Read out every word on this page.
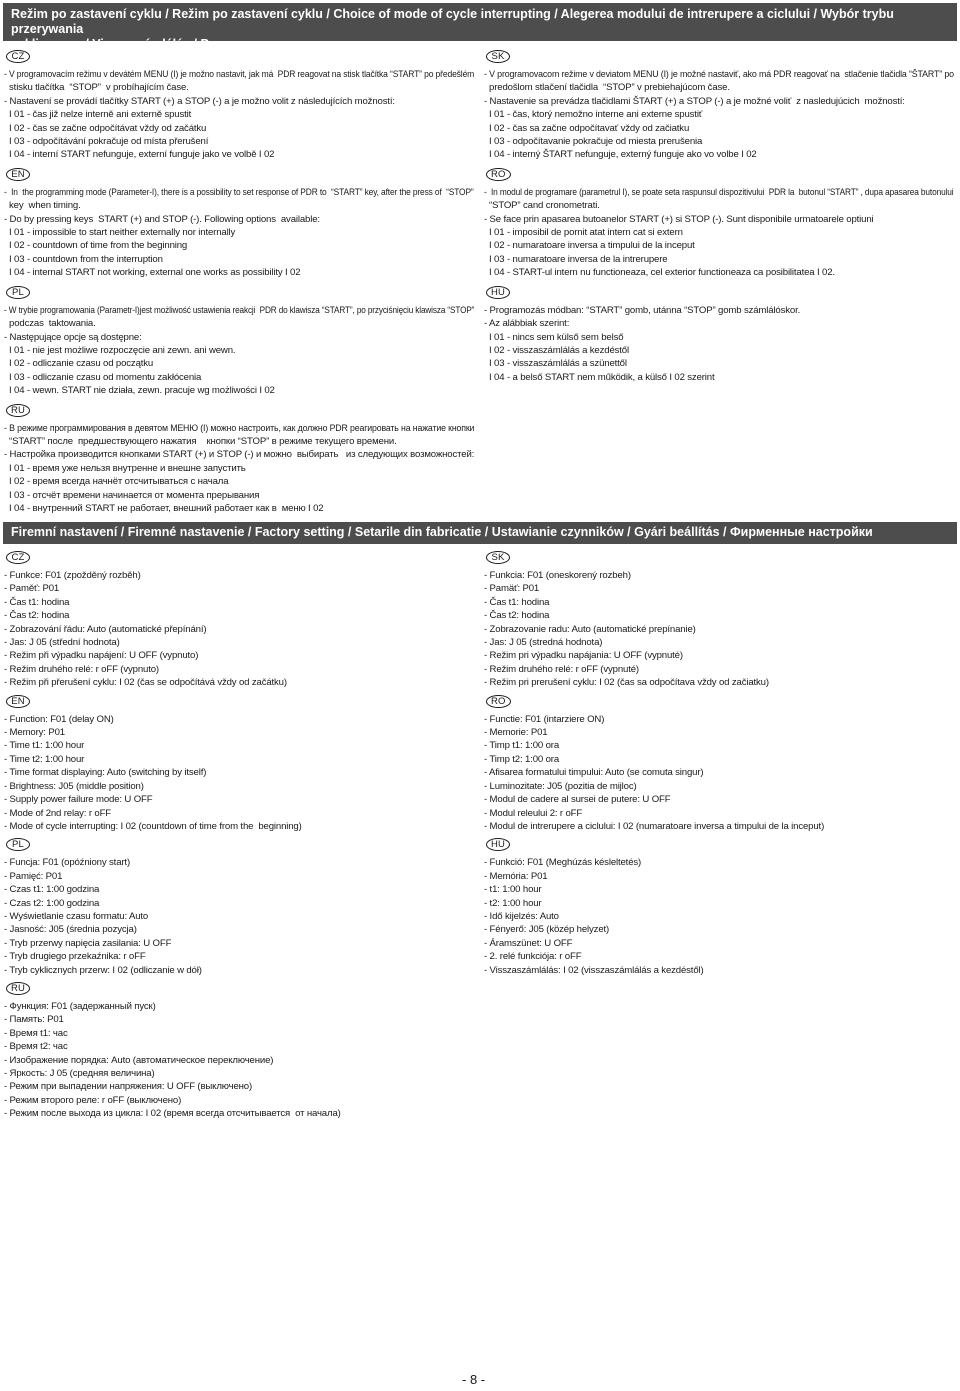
Režim po zastavení cyklu / Režim po zastavení cyklu / Choice of mode of cycle interrupting / Alegerea modului de intrerupere a ciclului / Wybór trybu przerywania
cyklicznego / Visszaszámlálás / Режим после выхода из цикла
CZ
- V programovacím režimu v devátém MENU (I) je možno nastavit, jak má  PDR reagovat na stisk tlačítka “START” po předešlém
stisku tlačítka  “STOP”  v probíhajícím čase.
- Nastavení se provádí tlačítky START (+) a STOP (-) a je možno volit z následujících možností:
I 01 - čas již nelze interně ani externě spustit
I 02 - čas se začne odpočítávat vždy od začátku
I 03 - odpočítávání pokračuje od místa přerušení
I 04 - interní START nefunguje, externí funguje jako ve volbě I 02
EN
-  In  the programming mode (Parameter-I), there is a possibility to set response of PDR to  “START” key, after the press of  “STOP”
key  when timing.
- Do by pressing keys  START (+) and STOP (-). Following options  available:
I 01 - impossible to start neither externally nor internally
I 02 - countdown of time from the beginning
I 03 - countdown from the interruption
I 04 - internal START not working, external one works as possibility I 02
PL
- W trybie programowania (Parametr-I)jest możliwość ustawienia reakcji  PDR do klawisza “START”, po przyciśnięciu klawisza “STOP”
podczas  taktowania.
- Następujące opcje są dostępne:
I 01 - nie jest możliwe rozpoczęcie ani zewn. ani wewn.
I 02 - odliczanie czasu od początku
I 03 - odliczanie czasu od momentu zakłócenia
I 04 - wewn. START nie działa, zewn. pracuje wg możliwości I 02
RU
- В режиме программирования в девятом МЕНЮ (I) можно настроить, как должно PDR реагировать на нажатие кнопки
“START” после  предшествующего нажатия    кнопки “STOP” в режиме текущего времени.
- Настройка производится кнопками START (+) и STOP (-) и можно  выбирать   из следующих возможностей:
I 01 - время уже нельзя внутренне и внешне запустить
I 02 - время всегда начнёт отсчитываться с начала
I 03 - отсчёт времени начинается от момента прерывания
I 04 - внутренний START не работает, внешний работает как в  меню I 02
SK
- V programovacom režime v deviatom MENU (I) je možné nastaviť, ako má PDR reagovať na  stlačenie tlačidla “ŠTART” po
predošlom stlačení tlačidla  “STOP” v prebiehajúcom čase.
- Nastavenie sa prevádza tlačidlami ŠTART (+) a STOP (-) a je možné voliť  z nasledujúcich  možností:
I 01 - čas, ktorý nemožno interne ani externe spustiť
I 02 - čas sa začne odpočítavať vždy od začiatku
I 03 - odpočítavanie pokračuje od miesta prerušenia
I 04 - interný ŠTART nefunguje, externý funguje ako vo volbe I 02
RO
-  In modul de programare (parametrul I), se poate seta raspunsul dispozitivului  PDR la  butonul “START” , dupa apasarea butonului
“STOP” cand cronometrati.
- Se face prin apasarea butoanelor START (+) si STOP (-). Sunt disponibile urmatoarele optiuni
I 01 - imposibil de pornit atat intern cat si extern
I 02 - numaratoare inversa a timpului de la inceput
I 03 - numaratoare inversa de la intrerupere
I 04 - START-ul intern nu functioneaza, cel exterior functioneaza ca posibilitatea I 02.
HU
- Programozás módban: “START” gomb, utánna “STOP” gomb számlálóskor.
- Az alábbiak szerint:
I 01 - nincs sem külső sem belső
I 02 - visszaszámlálás a kezdéstől
I 03 - visszaszámlálás a szünettől
I 04 - a belső START nem működik, a külső I 02 szerint
Firemní nastavení / Firemné nastavenie / Factory setting / Setarile din fabricatie / Ustawianie czynników / Gyári beállítás / Фирменные настройки
CZ
- Funkce: F01 (zpožděný rozběh)
- Paměť: P01
- Čas t1: hodina
- Čas t2: hodina
- Zobrazování řádu: Auto (automatické přepínání)
- Jas: J 05 (střední hodnota)
- Režim při výpadku napájení: U OFF (vypnuto)
- Režim druhého relé: r oFF (vypnuto)
- Režim při přerušení cyklu: I 02 (čas se odpočítává vždy od začátku)
EN
- Function: F01 (delay ON)
- Memory: P01
- Time t1: 1:00 hour
- Time t2: 1:00 hour
- Time format displaying: Auto (switching by itself)
- Brightness: J05 (middle position)
- Supply power failure mode: U OFF
- Mode of 2nd relay: r oFF
- Mode of cycle interrupting: I 02 (countdown of time from the  beginning)
PL
- Funcja: F01 (opóźniony start)
- Pamięć: P01
- Czas t1: 1:00 godzina
- Czas t2: 1:00 godzina
- Wyświetlanie czasu formatu: Auto
- Jasność: J05 (średnia pozycja)
- Tryb przerwy napięcia zasilania: U OFF
- Tryb drugiego przekaźnika: r oFF
- Tryb cyklicznych przerw: I 02 (odliczanie w dół)
RU
- Функция: F01 (задержанный пуск)
- Память: P01
- Время t1: час
- Время t2: час
- Изображение порядка: Auto (автоматическое переключение)
- Яркость: J 05 (средняя величина)
- Режим при выпадении напряжения: U OFF (выключено)
- Режим второго реле: r oFF (выключено)
- Режим после выхода из цикла: I 02 (время всегда отсчитывается  от начала)
SK
- Funkcia: F01 (oneskorený rozbeh)
- Pamäť: P01
- Čas t1: hodina
- Čas t2: hodina
- Zobrazovanie radu: Auto (automatické prepínanie)
- Jas: J 05 (stredná hodnota)
- Režim pri výpadku napájania: U OFF (vypnuté)
- Režim druhého relé: r oFF (vypnuté)
- Režim pri prerušení cyklu: I 02 (čas sa odpočítava vždy od začiatku)
RO
- Functie: F01 (intarziere ON)
- Memorie: P01
- Timp t1: 1:00 ora
- Timp t2: 1:00 ora
- Afisarea formatului timpului: Auto (se comuta singur)
- Luminozitate: J05 (pozitia de mijloc)
- Modul de cadere al sursei de putere: U OFF
- Modul releului 2: r oFF
- Modul de intrerupere a ciclului: I 02 (numaratoare inversa a timpului de la inceput)
HU
- Funkció: F01 (Meghúzás késleltetés)
- Memória: P01
- t1: 1:00 hour
- t2: 1:00 hour
- Idő kijelzés: Auto
- Fényerő: J05 (közép helyzet)
- Áramszünet: U OFF
- 2. relé funkciója: r oFF
- Visszaszámlálás: I 02 (visszaszámlálás a kezdéstől)
- 8 -
